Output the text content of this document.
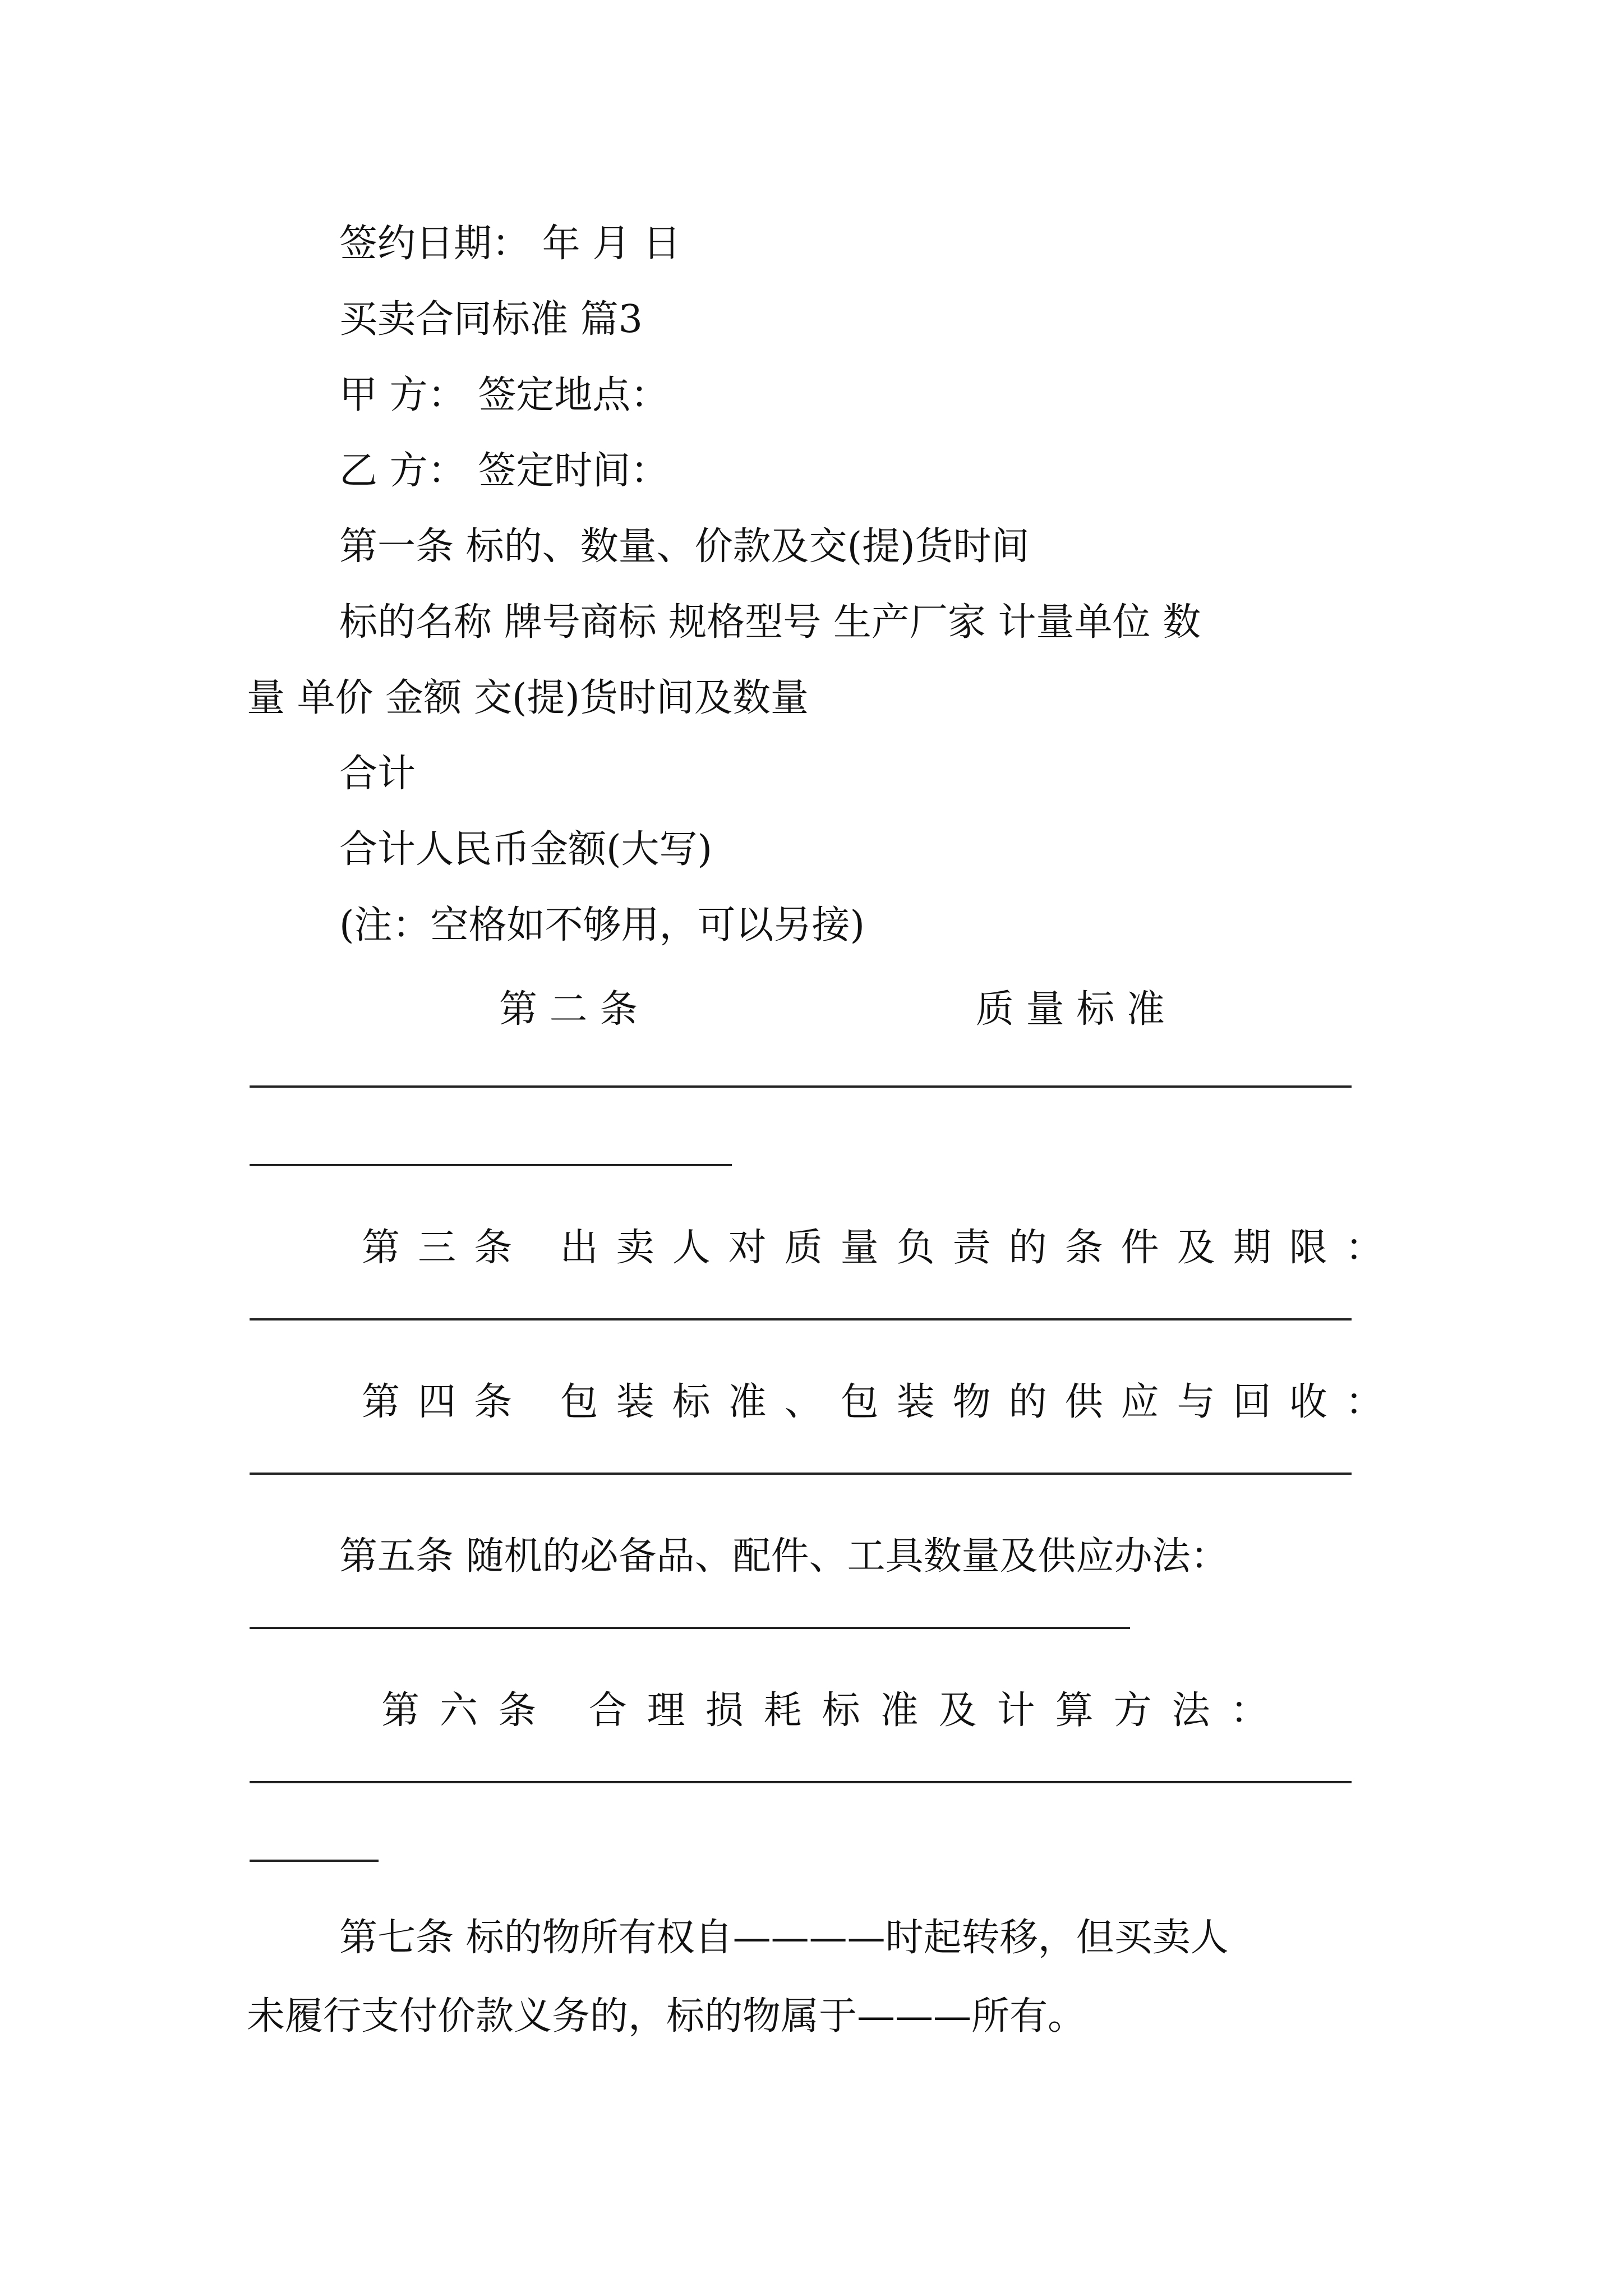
签约日期： 年 月 日
买卖合同标准 篇3
甲 方： 签定地点：
乙 方： 签定时间：
第一条 标的、数量、价款及交(提)货时间
标的名称 牌号商标 规格型号 生产厂家 计量单位 数
量 单价 金额 交(提)货时间及数量
合计
合计人民币金额(大写)
(注：空格如不够用，可以另接)
第 二 条	质 量 标 准
第三条 出卖人对质量负责的条件及期限：
第四条 包装标准、包装物的供应与回收：
第五条 随机的必备品、配件、工具数量及供应办法：
第六条 合理损耗标准及计算方法：
第七条 标的物所有权自————时起转移，但买卖人
未履行支付价款义务的，标的物属于———所有。
